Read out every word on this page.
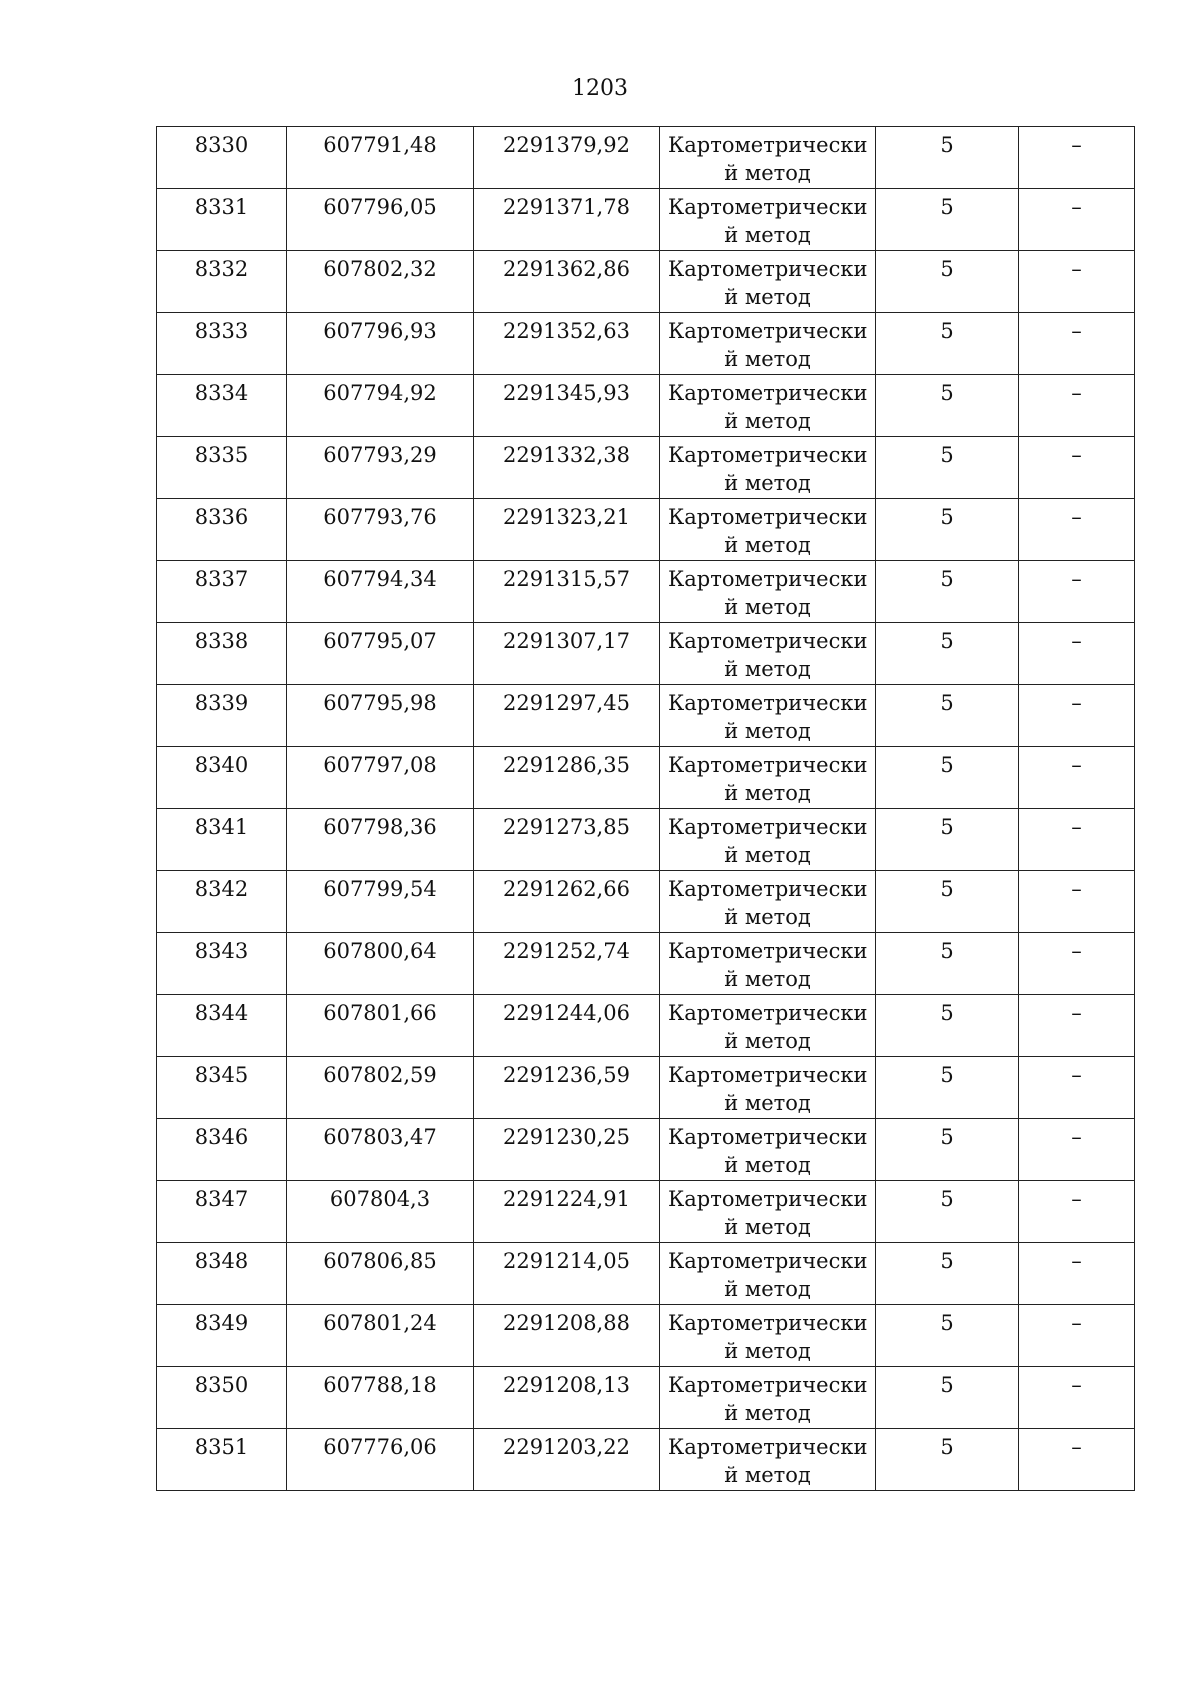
1203
8330	607791,48	2291379,92	Картометрически й метод	5	–

8331	607796,05	2291371,78	Картометрически й метод	5	–

8332	607802,32	2291362,86	Картометрически й метод	5	–

8333	607796,93	2291352,63	Картометрически й метод	5	–

8334	607794,92	2291345,93	Картометрически й метод	5	–

8335	607793,29	2291332,38	Картометрически й метод	5	–

8336	607793,76	2291323,21	Картометрически й метод	5	–

8337	607794,34	2291315,57	Картометрически й метод	5	–

8338	607795,07	2291307,17	Картометрически й метод	5	–

8339	607795,98	2291297,45	Картометрически й метод	5	–

8340	607797,08	2291286,35	Картометрически й метод	5	–

8341	607798,36	2291273,85	Картометрически й метод	5	–

8342	607799,54	2291262,66	Картометрически й метод	5	–

8343	607800,64	2291252,74	Картометрически й метод	5	–

8344	607801,66	2291244,06	Картометрически й метод	5	–

8345	607802,59	2291236,59	Картометрически й метод	5	–

8346	607803,47	2291230,25	Картометрически й метод	5	–

8347	607804,3	2291224,91	Картометрически й метод	5	–

8348	607806,85	2291214,05	Картометрически й метод	5	–

8349	607801,24	2291208,88	Картометрически й метод	5	–

8350	607788,18	2291208,13	Картометрически й метод	5	–

8351	607776,06	2291203,22	Картометрически й метод	5	–
